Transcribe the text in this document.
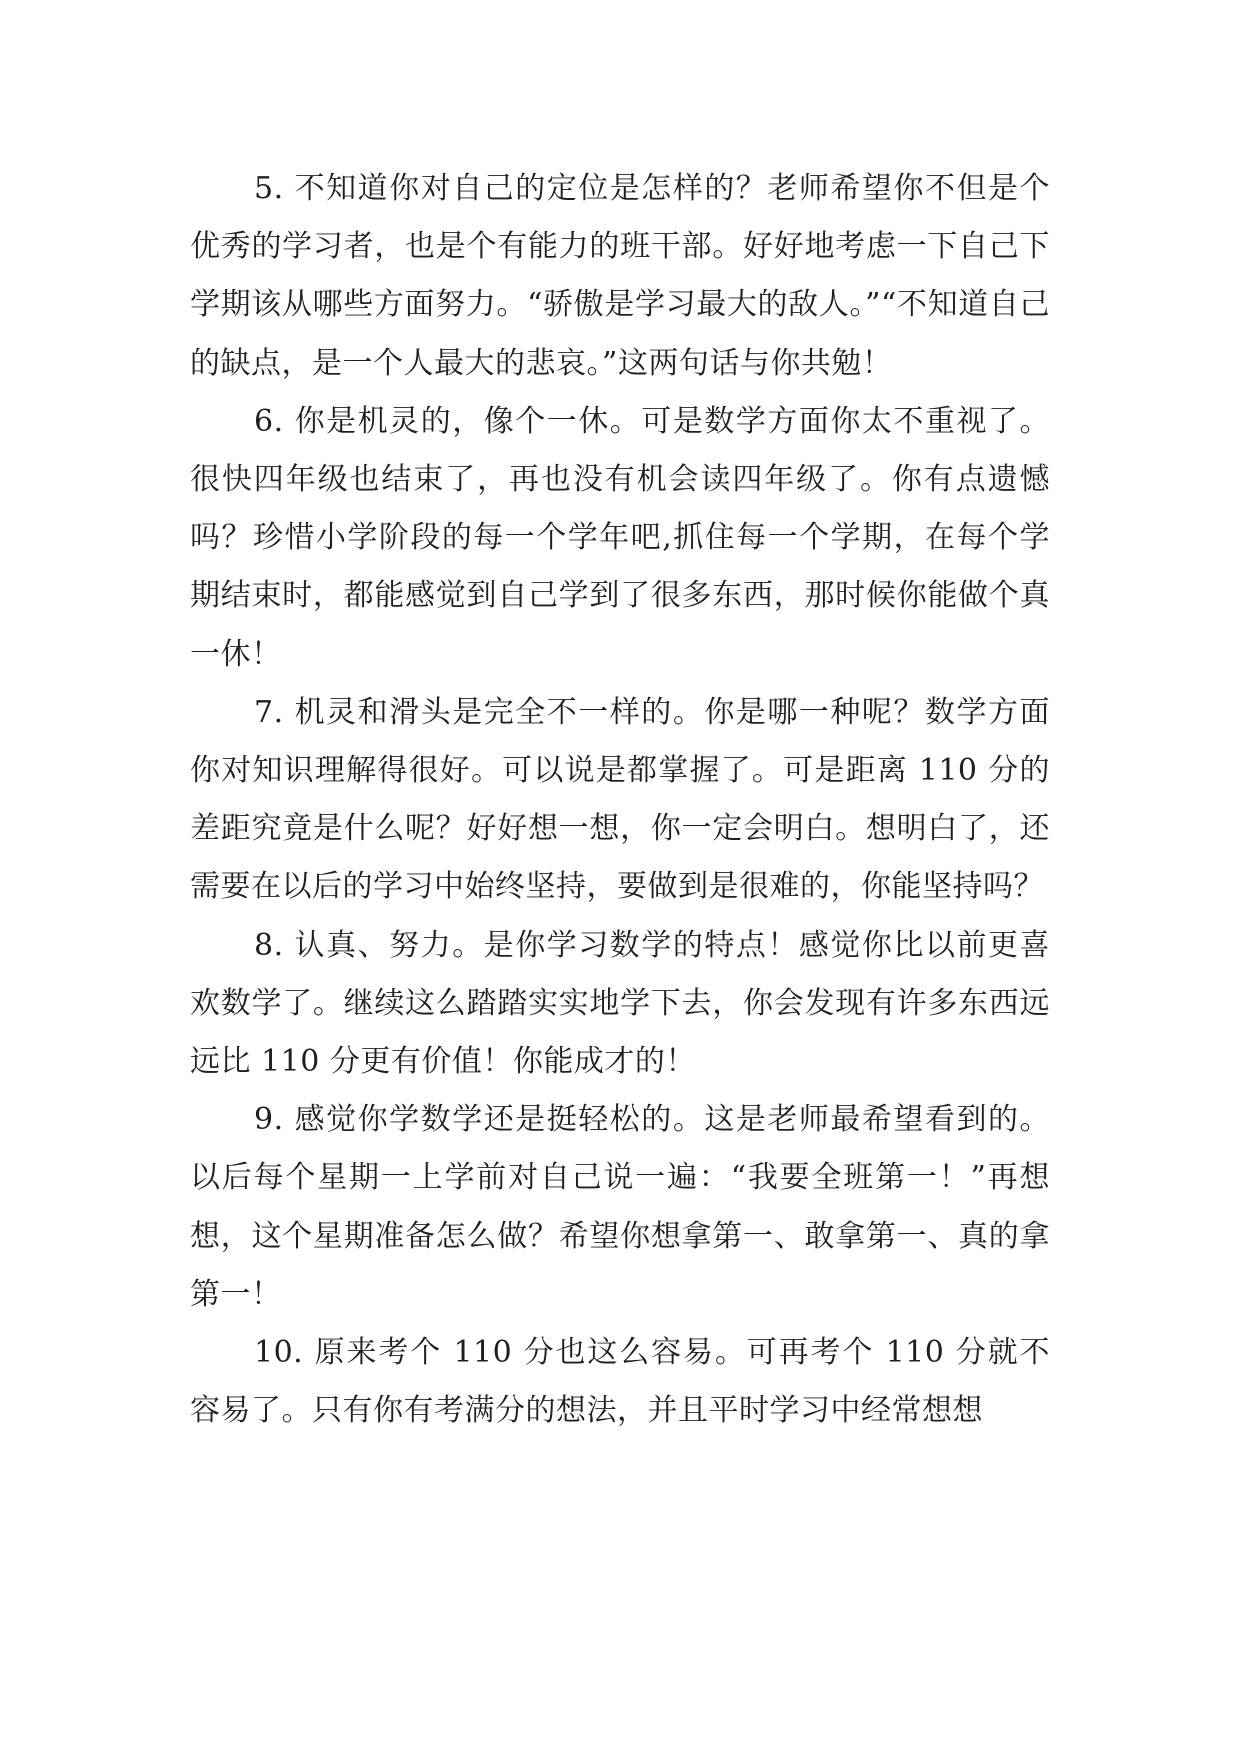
5. 不知道你对自己的定位是怎样的？老师希望你不但是个优秀的学习者，也是个有能力的班干部。好好地考虑一下自己下学期该从哪些方面努力。“骄傲是学习最大的敌人。”“不知道自己的缺点，是一个人最大的悲哀。”这两句话与你共勉！

6. 你是机灵的，像个一休。可是数学方面你太不重视了。很快四年级也结束了，再也没有机会读四年级了。你有点遗憾吗？珍惜小学阶段的每一个学年吧,抓住每一个学期，在每个学期结束时，都能感觉到自己学到了很多东西，那时候你能做个真一休！

7. 机灵和滑头是完全不一样的。你是哪一种呢？数学方面你对知识理解得很好。可以说是都掌握了。可是距离 110 分的差距究竟是什么呢？好好想一想，你一定会明白。想明白了，还需要在以后的学习中始终坚持，要做到是很难的，你能坚持吗？

8. 认真、努力。是你学习数学的特点！感觉你比以前更喜欢数学了。继续这么踏踏实实地学下去，你会发现有许多东西远远比 110 分更有价值！你能成才的！

9. 感觉你学数学还是挺轻松的。这是老师最希望看到的。以后每个星期一上学前对自己说一遍：“我要全班第一！”再想想，这个星期准备怎么做？希望你想拿第一、敢拿第一、真的拿第一！

10. 原来考个 110 分也这么容易。可再考个 110 分就不容易了。只有你有考满分的想法，并且平时学习中经常想想
